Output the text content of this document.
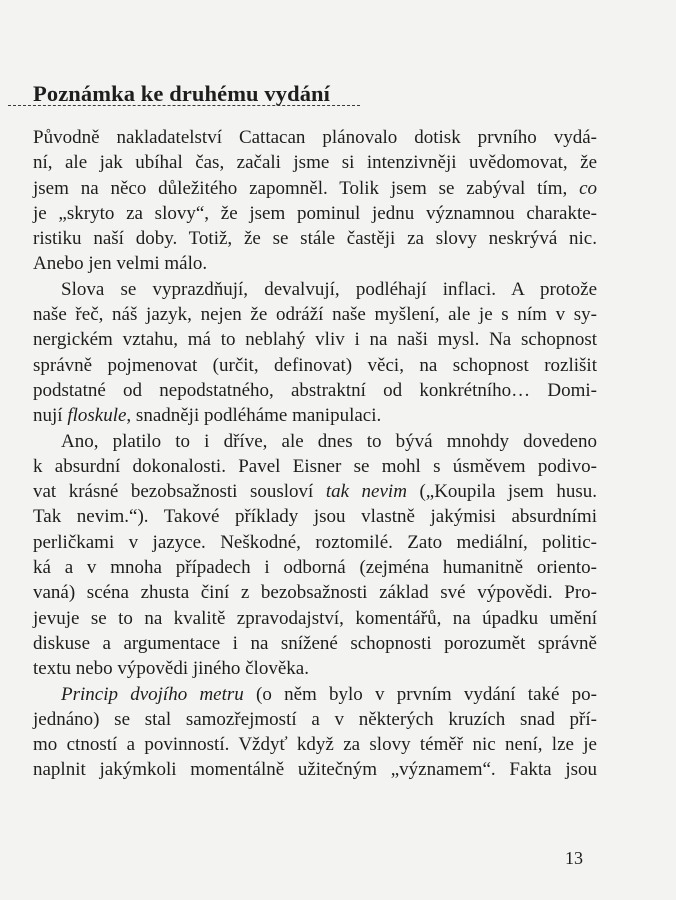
Poznámka ke druhému vydání
Původně nakladatelství Cattacan plánovalo dotisk prvního vydá-
ní, ale jak ubíhal čas, začali jsme si intenzivněji uvědomovat, že
jsem na něco důležitého zapomněl. Tolik jsem se zabýval tím, co
je „skryto za slovy“, že jsem pominul jednu významnou charakte-
ristiku naší doby. Totiž, že se stále častěji za slovy neskrývá nic.
Anebo jen velmi málo.
Slova se vyprazdňují, devalvují, podléhají inflaci. A protože
naše řeč, náš jazyk, nejen že odráží naše myšlení, ale je s ním v sy-
nergickém vztahu, má to neblahý vliv i na naši mysl. Na schopnost
správně pojmenovat (určit, definovat) věci, na schopnost rozlišit
podstatné od nepodstatného, abstraktní od konkrétního… Domi-
nují floskule, snadněji podléháme manipulaci.
Ano, platilo to i dříve, ale dnes to bývá mnohdy dovedeno
k absurdní dokonalosti. Pavel Eisner se mohl s úsměvem podivo-
vat krásné bezobsažnosti sousloví tak nevim („Koupila jsem husu.
Tak nevim.“). Takové příklady jsou vlastně jakýmisi absurdními
perličkami v jazyce. Neškodné, roztomilé. Zato mediální, politic-
ká a v mnoha případech i odborná (zejména humanitně oriento-
vaná) scéna zhusta činí z bezobsažnosti základ své výpovědi. Pro-
jevuje se to na kvalitě zpravodajství, komentářů, na úpadku umění
diskuse a argumentace i na snížené schopnosti porozumět správně
textu nebo výpovědi jiného člověka.
Princip dvojího metru (o něm bylo v prvním vydání také po-
jednáno) se stal samozřejmostí a v některých kruzích snad pří-
mo ctností a povinností. Vždyť když za slovy téměř nic není, lze je
naplnit jakýmkoli momentálně užitečným „významem“. Fakta jsou
13
